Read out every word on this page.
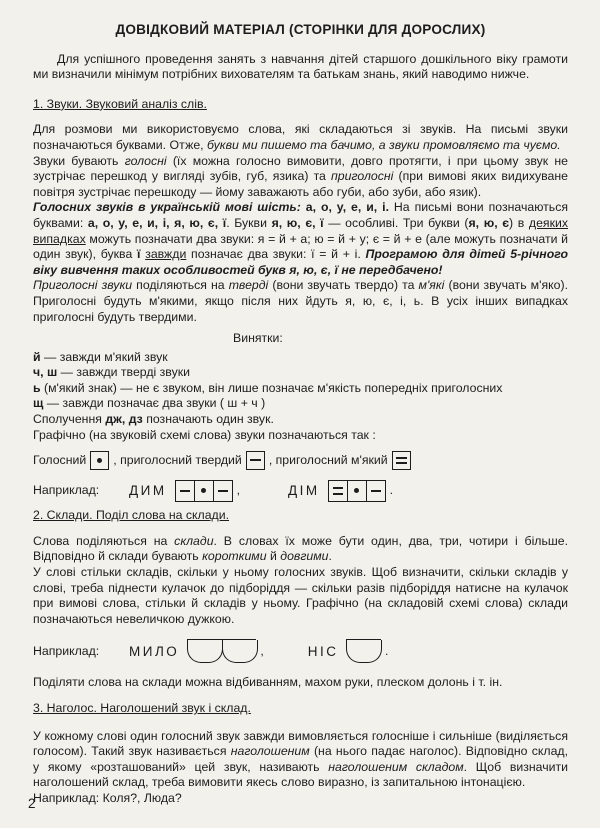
ДОВІДКОВИЙ МАТЕРІАЛ (СТОРІНКИ ДЛЯ ДОРОСЛИХ)

Для успішного проведення занять з навчання дітей старшого дошкільного віку грамоти ми визначили мінімум потрібних вихователям та батькам знань, який наводимо нижче.

1. Звуки. Звуковий аналіз слів.

Для розмови ми використовуємо слова, які складаються зі звуків. На письмі звуки позначаються буквами. Отже, букви ми пишемо та бачимо, а звуки промовляємо та чуємо.

Звуки бувають голосні (їх можна голосно вимовити, довго протягти, і при цьому звук не зустрічає перешкод у вигляді зубів, губ, язика) та приголосні (при вимові яких видихуване повітря зустрічає перешкоду — йому заважають або губи, або зуби, або язик).

Голосних звуків в українській мові шість: а, о, у, е, и, і. На письмі вони позначаються буквами: а, о, у, е, и, і, я, ю, є, ї. Букви я, ю, є, ї — особливі. Три букви (я, ю, є) в деяких випадках можуть позначати два звуки: я = й + а; ю = й + у; є = й + е (але можуть позначати й один звук), буква ї завжди позначає два звуки: ї = й + і. Програмою для дітей 5-річного віку вивчення таких особливостей букв я, ю, є, ї не передбачено!

Приголосні звуки поділяються на тверді (вони звучать твердо) та м'які (вони звучать м'яко). Приголосні будуть м'якими, якщо після них йдуть я, ю, є, і, ь. В усіх інших випадках приголосні будуть твердими.

Винятки:

й — завжди м'який звук

ч, ш — завжди тверді звуки

ь (м'який знак) — не є звуком, він лише позначає м'якість попередніх приголосних

щ — завжди позначає два звуки ( ш + ч )

Сполучення дж, дз позначають один звук.

Графічно (на звуковій схемі слова) звуки позначаються так :

Голосний , приголосний твердий , приголосний м'який
Наприклад:	ДИМ	,	ДІМ	.

2. Склади. Поділ слова на склади.

Слова поділяються на склади. В словах їх може бути один, два, три, чотири і більше. Відповідно й склади бувають короткими й довгими.

У слові стільки складів, скільки у ньому голосних звуків. Щоб визначити, скільки складів у слові, треба піднести кулачок до підборіддя — скільки разів підборіддя натисне на кулачок при вимові слова, стільки й складів у ньому. Графічно (на складовій схемі слова) склади позначаються невеличкою дужкою.

Наприклад:	МИЛО	,	НІС	.

Поділяти слова на склади можна відбиванням, махом руки, плеском долонь і т. ін.

3. Наголос. Наголошений звук і склад.

У кожному слові один голосний звук завжди вимовляється голосніше і сильніше (виділяється голосом). Такий звук називається наголошеним (на нього падає наголос). Відповідно склад, у якому «розташований» цей звук, називають наголошеним складом. Щоб визначити наголошений склад, треба вимовити якесь слово виразно, із запитальною інтонацією.

Наприклад: Коля?, Люда?

2
